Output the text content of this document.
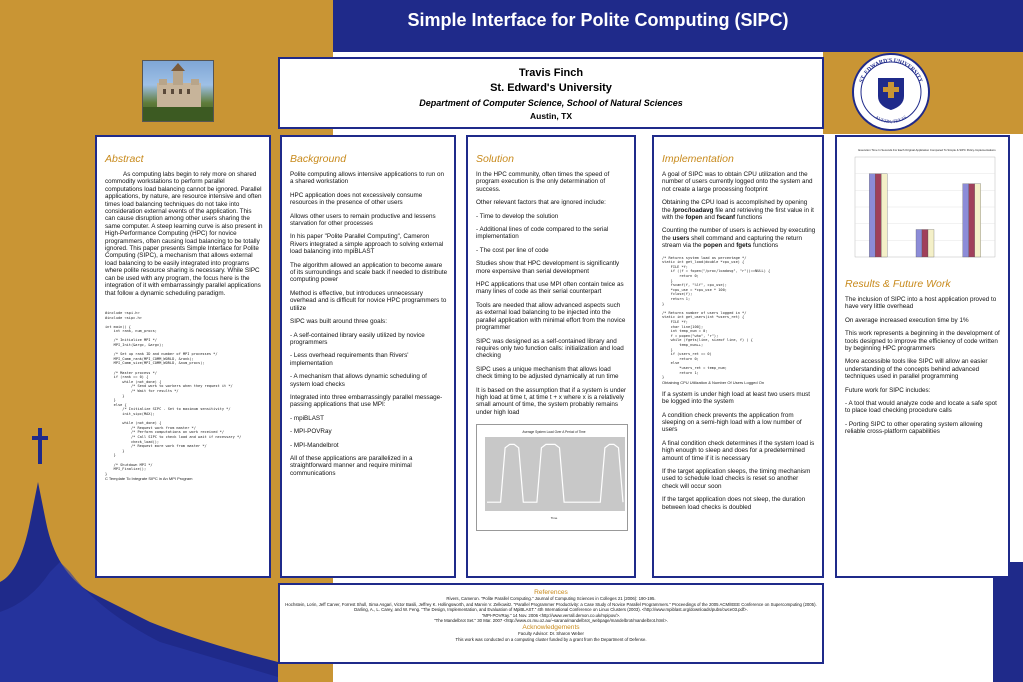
Simple Interface for Polite Computing (SIPC)
Travis Finch
St. Edward's University
Department of Computer Science, School of Natural Sciences
Austin, TX
ST. EDWARD'S UNIVERSITY
AUSTIN, TEXAS
Abstract

As computing labs begin to rely more on shared commodity workstations to perform parallel computations load balancing cannot be ignored. Parallel applications, by nature, are resource intensive and often times load balancing techniques do not take into consideration external events of the application. This can cause disruption among other users sharing the same computer. A steep learning curve is also present in High-Performance Computing (HPC) for novice programmers, often causing load balancing to be totally ignored. This paper presents Simple Interface for Polite Computing (SIPC), a mechanism that allows external load balancing to be easily integrated into programs where polite resource sharing is necessary. While SIPC can be used with any program, the focus here is the integration of it with embarrassingly parallel applications that follow a dynamic scheduling paradigm.

#include <spi.h>
#include <sipc.h>

int main() {
int rank, num_procs;

/* Initialize MPI */
MPI_Init(&argc, &argv);

/* Set up rank ID and number of MPI processes */
MPI_Comm_rank(MPI_COMM_WORLD, &rank);
MPI_Comm_size(MPI_COMM_WORLD, &num_procs);

/* Master process */
if (rank == 0) {
while (not_done) {
/* Send work to workers when they request it */
/* Wait for results */
}
}
else {
/* Initialize SIPC - Set to maximum sensitivity */
init_sipc(MAX);

while (not_done) {
/* Request work from master */
/* Perform computations on work received */
/* Call SIPC to check load and wait if necessary */
check_load();
/* Request more work from master */
}
}

/* Shutdown MPI */
MPI_Finalize();
}
C Template To Integrate SIPC in An MPI Program
Background

Polite computing allows intensive applications to run on a shared workstation

HPC application does not excessively consume resources in the presence of other users

Allows other users to remain productive and lessens starvation for other processes

In his paper "Polite Parallel Computing", Cameron Rivers integrated a simple approach to solving external load balancing into mpiBLAST

The algorithm allowed an application to become aware of its surroundings and scale back if needed to distribute computing power

Method is effective, but introduces unnecessary overhead and is difficult for novice HPC programmers to utilize

SIPC was built around three goals:

- A self-contained library easily utilized by novice programmers

- Less overhead requirements than Rivers' implementation

- A mechanism that allows dynamic scheduling of system load checks

Integrated into three embarrassingly parallel message-passing applications that use MPI:

- mpiBLAST

- MPI-POVRay

- MPI-Mandelbrot

All of these applications are parallelized in a straightforward manner and require minimal communications

Solution

In the HPC community, often times the speed of program execution is the only determination of success.

Other relevant factors that are ignored include:

- Time to develop the solution

- Additional lines of code compared to the serial implementation

- The cost per line of code

Studies show that HPC development is significantly more expensive than serial development

HPC applications that use MPI often contain twice as many lines of code as their serial counterpart

Tools are needed that allow advanced aspects such as external load balancing to be injected into the parallel application with minimal effort from the novice programmer

SIPC was designed as a self-contained library and requires only two function calls: initialization and load checking

SIPC uses a unique mechanism that allows load check timing to be adjusted dynamically at run time

It is based on the assumption that if a system is under high load at time t, at time t + x where x is a relatively small amount of time, the system probably remains under high load

Average System Load Over A Period of Time
Time
Implementation

A goal of SIPC was to obtain CPU utilization and the number of users currently logged onto the system and not create a large processing footprint

Obtaining the CPU load is accomplished by opening the /proc/loadavg file and retrieving the first value in it with the fopen and fscanf functions

Counting the number of users is achieved by executing the users shell command and capturing the return stream via the popen and fgets functions

/* Returns system load as percentage */
static int get_load(double *cpu_use) {
FILE *f;
if ((f = fopen("/proc/loadavg", "r"))==NULL) {
return 0;
}
fscanf(f, "%lf", cpu_use);
*cpu_use = *cpu_use * 100;
fclose(f);
return 1;
}

/* Returns number of users logged in */
static int get_users(int *users_ret) {
FILE *f;
char line[100];
int temp_num = 0;
f = popen("who", "r");
while (fgets(line, sizeof line, f) ) {
temp_num++;
}
if (users_ret == 0)
return 0;
else
*users_ret = temp_num;
return 1;
}
Obtaining CPU Utilization & Number Of Users Logged On

If a system is under high load at least two users must be logged into the system

A condition check prevents the application from sleeping on a semi-high load with a low number of users

A final condition check determines if the system load is high enough to sleep and does for a predetermined amount of time if it is necessary

If the target application sleeps, the timing mechanism used to schedule load checks is reset so another check will occur soon

If the target application does not sleep, the duration between load checks is doubled

Execution Time In Seconds For Each Original Application Compared To Simple & SIPC Policy-Implementations
Results & Future Work

The inclusion of SIPC into a host application proved to have very little overhead

On average increased execution time by 1%

This work represents a beginning in the development of tools designed to improve the efficiency of code written by beginning HPC programmers

More accessible tools like SIPC will allow an easier understanding of the concepts behind advanced techniques used in parallel programming

Future work for SIPC includes:

- A tool that would analyze code and locate a safe spot to place load checking procedure calls

- Porting SIPC to other operating system allowing reliable cross-platform capabilities

References
Rivers, Cameron. "Polite Parallel Computing." Journal of Computing Sciences in Colleges 21 (2006): 190-195.
Hochstein, Lorin, Jeff Carver, Forrest Shull, Sima Asgari, Victor Basili, Jeffrey K. Hollingsworth, and Marvin V. Zelkowitz. "Parallel Programmer Productivity: a Case Study of Novice Parallel Programmers." Proceedings of the 2005 ACM/IEEE Conference on Supercomputing (2005).
Darling, A., L. Carey, and W. Feng. "The Design, Implementation, and Evaluation of MpiBLAST." 4th International Conference on Linux Clusters (2003). <http://www.mpiblast.org/downloads/pubs/cwce03.pdf>.
"MPI-POVRay." 14 Nov. 2006 <http://www.verrall.demon.co.uk/mpipov/>.
"The Mandelbrot Set." 30 Mar. 2007 <http://www.cs.mu.oz.au/~sarana/mandelbrot_webpage/mandelbrot/mandelbrot.html>.
Acknowledgements
Faculty Advisor: Dr. Sharon Weber
This work was conducted on a computing cluster funded by a grant from the Department of Defense.
